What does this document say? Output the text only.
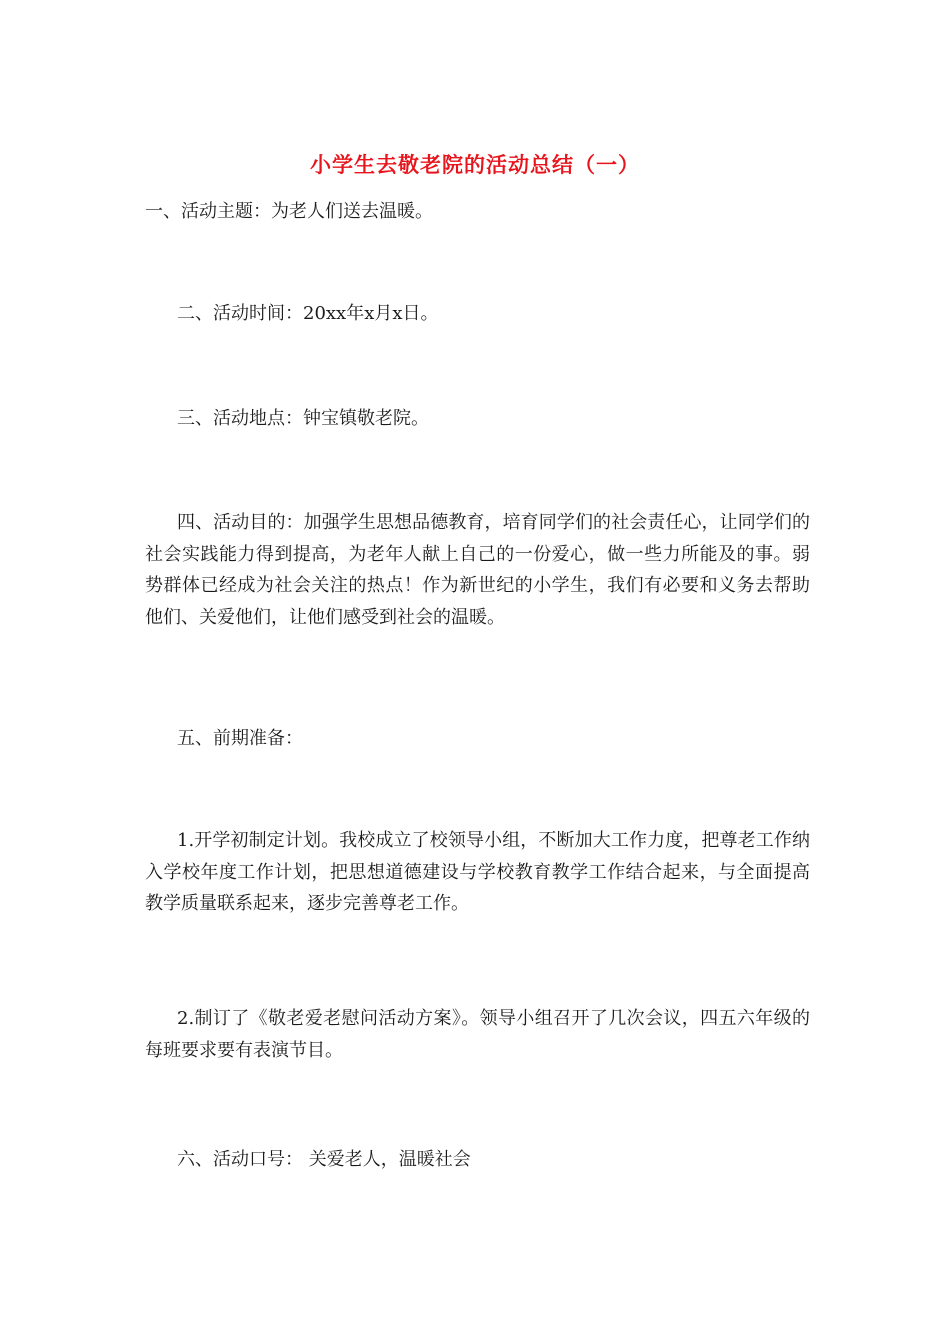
小学生去敬老院的活动总结（一）

一、活动主题：为老人们送去温暖。

二、活动时间：20xx年x月x日。

三、活动地点：钟宝镇敬老院。

四、活动目的：加强学生思想品德教育，培育同学们的社会责任心，让同学们的社会实践能力得到提高，为老年人献上自己的一份爱心，做一些力所能及的事。弱势群体已经成为社会关注的热点！作为新世纪的小学生，我们有必要和义务去帮助他们、关爱他们，让他们感受到社会的温暖。

五、前期准备：

1.开学初制定计划。我校成立了校领导小组，不断加大工作力度，把尊老工作纳入学校年度工作计划，把思想道德建设与学校教育教学工作结合起来，与全面提高教学质量联系起来，逐步完善尊老工作。

2.制订了《敬老爱老慰问活动方案》。领导小组召开了几次会议，四五六年级的每班要求要有表演节目。

六、活动口号： 关爱老人，温暖社会
